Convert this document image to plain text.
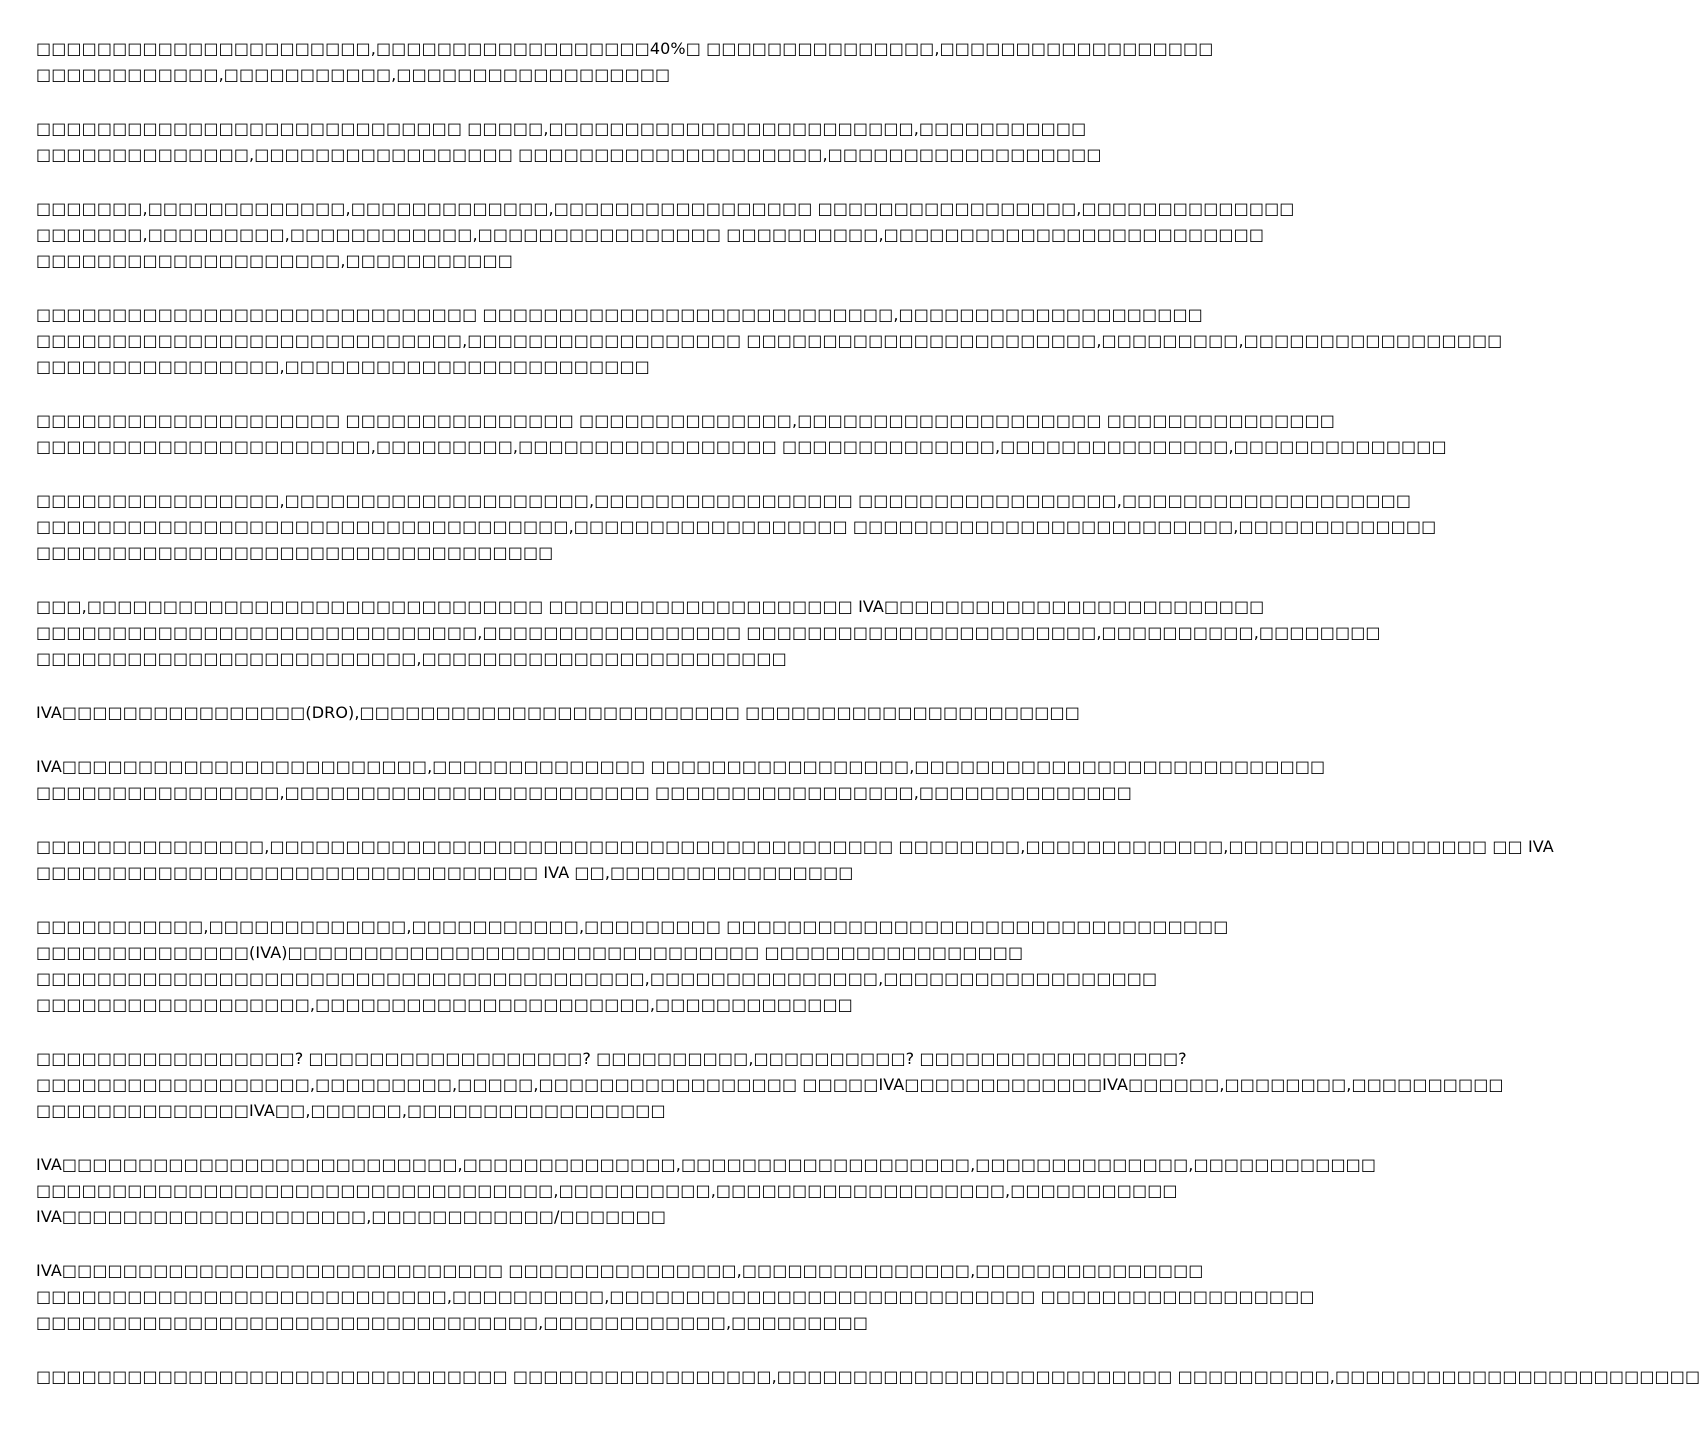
□□□□□□□□□□□□□□□□□□□□□□,□□□□□□□□□□□□□□□□□□40%□ □□□□□□□□□□□□□□□,□□□□□□□□□□□□□□□□□□
□□□□□□□□□□□□,□□□□□□□□□□□,□□□□□□□□□□□□□□□□□□

□□□□□□□□□□□□□□□□□□□□□□□□□□□□ □□□□□,□□□□□□□□□□□□□□□□□□□□□□□□,□□□□□□□□□□□
□□□□□□□□□□□□□□,□□□□□□□□□□□□□□□□□ □□□□□□□□□□□□□□□□□□□□,□□□□□□□□□□□□□□□□□□

□□□□□□□,□□□□□□□□□□□□□,□□□□□□□□□□□□□,□□□□□□□□□□□□□□□□□ □□□□□□□□□□□□□□□□□,□□□□□□□□□□□□□□
□□□□□□□,□□□□□□□□□,□□□□□□□□□□□□,□□□□□□□□□□□□□□□□ □□□□□□□□□□,□□□□□□□□□□□□□□□□□□□□□□□□□
□□□□□□□□□□□□□□□□□□□□,□□□□□□□□□□□

□□□□□□□□□□□□□□□□□□□□□□□□□□□□□ □□□□□□□□□□□□□□□□□□□□□□□□□□□,□□□□□□□□□□□□□□□□□□□□
□□□□□□□□□□□□□□□□□□□□□□□□□□□□,□□□□□□□□□□□□□□□□□□ □□□□□□□□□□□□□□□□□□□□□□□,□□□□□□□□□,□□□□□□□□□□□□□□□□□
□□□□□□□□□□□□□□□□,□□□□□□□□□□□□□□□□□□□□□□□□

□□□□□□□□□□□□□□□□□□□□ □□□□□□□□□□□□□□□ □□□□□□□□□□□□□□,□□□□□□□□□□□□□□□□□□□□ □□□□□□□□□□□□□□□
□□□□□□□□□□□□□□□□□□□□□□,□□□□□□□□□,□□□□□□□□□□□□□□□□□ □□□□□□□□□□□□□□,□□□□□□□□□□□□□□□,□□□□□□□□□□□□□□

□□□□□□□□□□□□□□□□,□□□□□□□□□□□□□□□□□□□□,□□□□□□□□□□□□□□□□□ □□□□□□□□□□□□□□□□□,□□□□□□□□□□□□□□□□□□□
□□□□□□□□□□□□□□□□□□□□□□□□□□□□□□□□□□□,□□□□□□□□□□□□□□□□□□ □□□□□□□□□□□□□□□□□□□□□□□□□,□□□□□□□□□□□□□
□□□□□□□□□□□□□□□□□□□□□□□□□□□□□□□□□□

□□□,□□□□□□□□□□□□□□□□□□□□□□□□□□□□□□ □□□□□□□□□□□□□□□□□□□□ IVA□□□□□□□□□□□□□□□□□□□□□□□□□
□□□□□□□□□□□□□□□□□□□□□□□□□□□□□,□□□□□□□□□□□□□□□□□ □□□□□□□□□□□□□□□□□□□□□□□,□□□□□□□□□□,□□□□□□□□
□□□□□□□□□□□□□□□□□□□□□□□□□,□□□□□□□□□□□□□□□□□□□□□□□□

IVA□□□□□□□□□□□□□□□□(DRO),□□□□□□□□□□□□□□□□□□□□□□□□□ □□□□□□□□□□□□□□□□□□□□□□

IVA□□□□□□□□□□□□□□□□□□□□□□□□,□□□□□□□□□□□□□□ □□□□□□□□□□□□□□□□□,□□□□□□□□□□□□□□□□□□□□□□□□□□□
□□□□□□□□□□□□□□□□,□□□□□□□□□□□□□□□□□□□□□□□□ □□□□□□□□□□□□□□□□□,□□□□□□□□□□□□□□

□□□□□□□□□□□□□□□,□□□□□□□□□□□□□□□□□□□□□□□□□□□□□□□□□□□□□□□□□ □□□□□□□□,□□□□□□□□□□□□□,□□□□□□□□□□□□□□□□□ □□ IVA
□□□□□□□□□□□□□□□□□□□□□□□□□□□□□□□□□ IVA □□,□□□□□□□□□□□□□□□□

□□□□□□□□□□□,□□□□□□□□□□□□□,□□□□□□□□□□□,□□□□□□□□□ □□□□□□□□□□□□□□□□□□□□□□□□□□□□□□□□□
□□□□□□□□□□□□□□(IVA)□□□□□□□□□□□□□□□□□□□□□□□□□□□□□□□ □□□□□□□□□□□□□□□□□
□□□□□□□□□□□□□□□□□□□□□□□□□□□□□□□□□□□□□□□□,□□□□□□□□□□□□□□□,□□□□□□□□□□□□□□□□□□
□□□□□□□□□□□□□□□□□□,□□□□□□□□□□□□□□□□□□□□□□,□□□□□□□□□□□□□

□□□□□□□□□□□□□□□□□? □□□□□□□□□□□□□□□□□□? □□□□□□□□□□,□□□□□□□□□□? □□□□□□□□□□□□□□□□□?
□□□□□□□□□□□□□□□□□□,□□□□□□□□□,□□□□□,□□□□□□□□□□□□□□□□□ □□□□□IVA□□□□□□□□□□□□□IVA□□□□□□,□□□□□□□□,□□□□□□□□□□
□□□□□□□□□□□□□□IVA□□,□□□□□□,□□□□□□□□□□□□□□□□□

IVA□□□□□□□□□□□□□□□□□□□□□□□□□□,□□□□□□□□□□□□□□,□□□□□□□□□□□□□□□□□□□,□□□□□□□□□□□□□□,□□□□□□□□□□□□
□□□□□□□□□□□□□□□□□□□□□□□□□□□□□□□□□□,□□□□□□□□□□,□□□□□□□□□□□□□□□□□□□,□□□□□□□□□□□
IVA□□□□□□□□□□□□□□□□□□□□,□□□□□□□□□□□□/□□□□□□□

IVA□□□□□□□□□□□□□□□□□□□□□□□□□□□□□ □□□□□□□□□□□□□□□,□□□□□□□□□□□□□□□,□□□□□□□□□□□□□□□
□□□□□□□□□□□□□□□□□□□□□□□□□□□,□□□□□□□□□□,□□□□□□□□□□□□□□□□□□□□□□□□□□□□ □□□□□□□□□□□□□□□□□□
□□□□□□□□□□□□□□□□□□□□□□□□□□□□□□□□□,□□□□□□□□□□□□,□□□□□□□□□

□□□□□□□□□□□□□□□□□□□□□□□□□□□□□□□ □□□□□□□□□□□□□□□□□,□□□□□□□□□□□□□□□□□□□□□□□□□□ □□□□□□□□□□,□□□□□□□□□□□□□□□□□□□□□□□□
